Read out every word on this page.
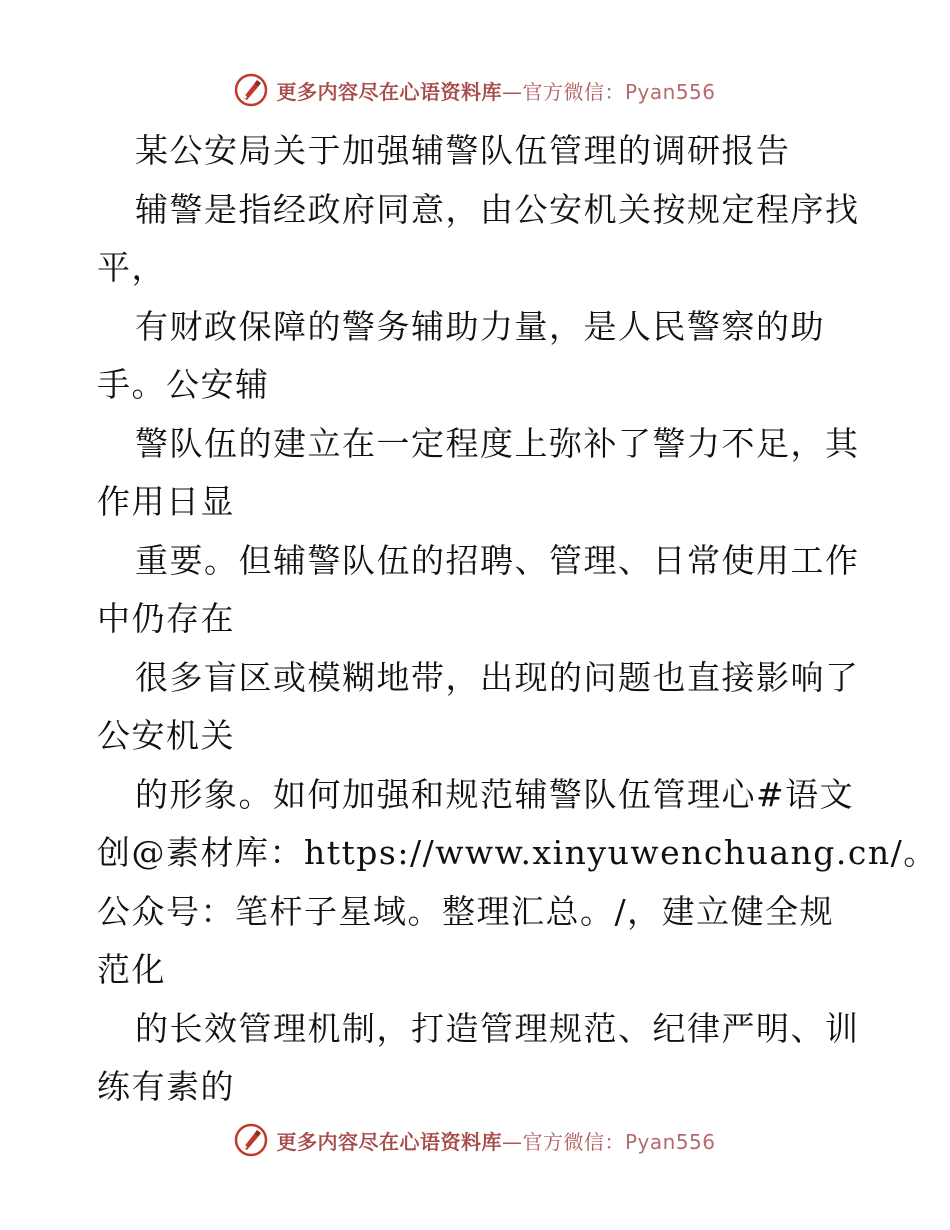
更多内容尽在心语资料库—官方微信：Pyan556
某公安局关于加强辅警队伍管理的调研报告
辅警是指经政府同意，由公安机关按规定程序找
平，
有财政保障的警务辅助力量，是人民警察的助
手。公安辅
警队伍的建立在一定程度上弥补了警力不足，其
作用日显
重要。但辅警队伍的招聘、管理、日常使用工作
中仍存在
很多盲区或模糊地带，出现的问题也直接影响了
公安机关
的形象。如何加强和规范辅警队伍管理心#语文
创@素材库：https://www.xinyuwenchuang.cn/。
公众号：笔杆子星域。整理汇总。/，建立健全规
范化
的长效管理机制，打造管理规范、纪律严明、训
练有素的
更多内容尽在心语资料库—官方微信：Pyan556
